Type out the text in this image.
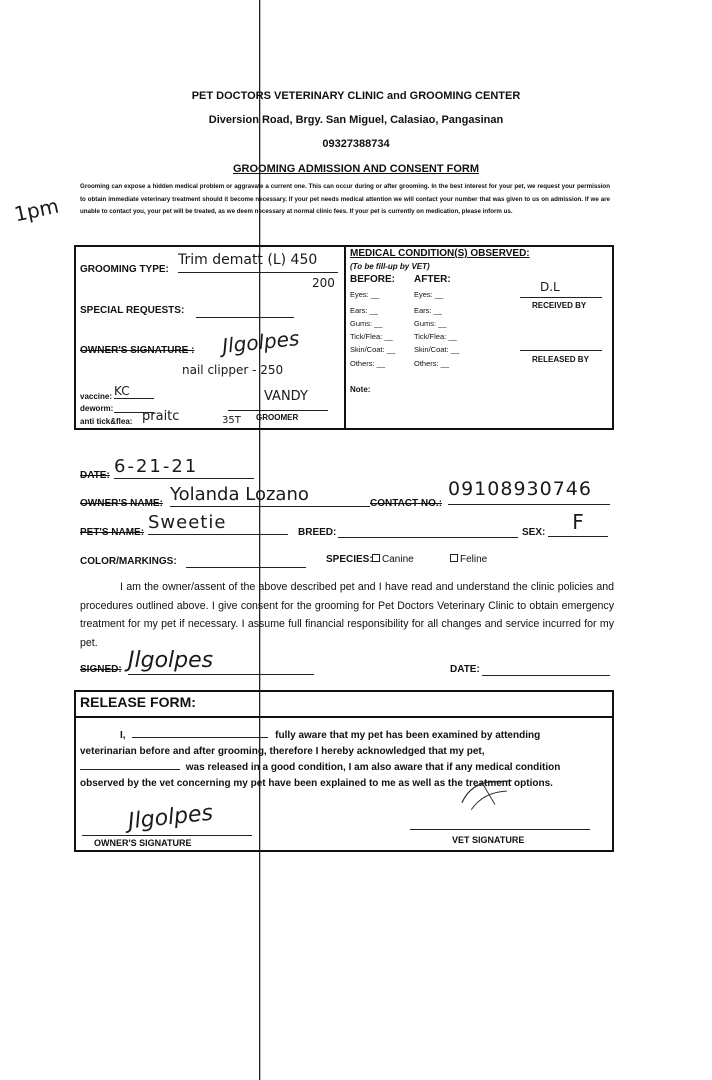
1pm
PET DOCTORS VETERINARY CLINIC and GROOMING CENTER
Diversion Road, Brgy. San Miguel, Calasiao, Pangasinan
09327388734
GROOMING ADMISSION AND CONSENT FORM
Grooming can expose a hidden medical problem or aggravate a current one. This can occur during or after grooming. In the best interest for your pet, we request your permission to obtain immediate veterinary treatment should it become necessary. If your pet needs medical attention we will contact your number that was given to us on admission. If we are unable to contact you, your pet will be treated, as we deem necessary at normal clinic fees. If your pet is currently on medication, please inform us.
GROOMING TYPE:
Trim dematt (L) 450
200
SPECIAL REQUESTS:
OWNER'S SIGNATURE : Jlgolpes
nail clipper - 250
vaccine: KC
deworm:
anti tick&flea: praitc	35T
VANDY
GROOMER
MEDICAL CONDITION(S) OBSERVED:
(To be fill-up by VET)
BEFORE: AFTER:
Eyes: __	Eyes: __
Ears: __	Ears: __
Gums: __	Gums: __
Tick/Flea: __	Tick/Flea: __
Skin/Coat: __	Skin/Coat: __
Others: __	Others: __
D.L
RECEIVED BY
RELEASED BY
Note:
DATE: 6-21-21
OWNER'S NAME: Yolanda Lozano	CONTACT NO.:
09108930746
PET'S NAME: Sweetie	BREED:	SEX:	F
COLOR/MARKINGS:	SPECIES: Canine	Feline
I am the owner/assent of the above described pet and I have read and understand the clinic policies and procedures outlined above. I give consent for the grooming for Pet Doctors Veterinary Clinic to obtain emergency treatment for my pet if necessary. I assume full financial responsibility for all changes and service incurred for my pet.
SIGNED: Jlgolpes	DATE:
RELEASE FORM:
I,	fully aware that my pet has been examined by attending
veterinarian before and after grooming, therefore I hereby acknowledged that my pet,
was released in a good condition, I am also aware that if any medical condition
observed by the vet concerning my pet have been explained to me as well as the treatment options.
Jlgolpes
OWNER'S SIGNATURE	VET SIGNATURE
